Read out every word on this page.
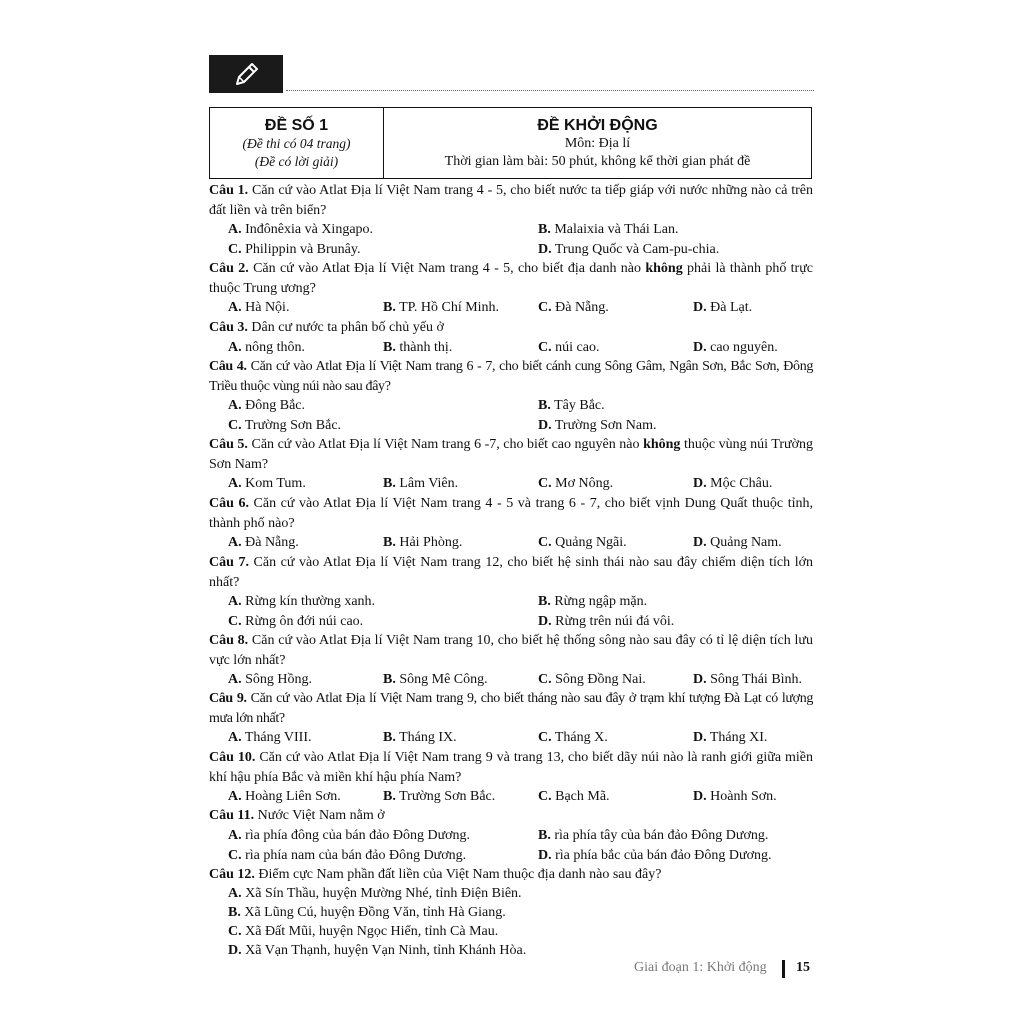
ĐỀ SỐ 1
(Đề thi có 04 trang)
(Đề có lời giải)
ĐỀ KHỞI ĐỘNG
Môn: Địa lí
Thời gian làm bài: 50 phút, không kể thời gian phát đề

Câu 1. Căn cứ vào Atlat Địa lí Việt Nam trang 4 - 5, cho biết nước ta tiếp giáp với nước những nào cả trên đất liền và trên biển?

A. Inđônêxia và Xingapo.	B. Malaixia và Thái Lan.
C. Philippin và Brunây.	D. Trung Quốc và Cam-pu-chia.

Câu 2. Căn cứ vào Atlat Địa lí Việt Nam trang 4 - 5, cho biết địa danh nào không phải là thành phố trực thuộc Trung ương?

A. Hà Nội.	B. TP. Hồ Chí Minh.	C. Đà Nẵng.	D. Đà Lạt.

Câu 3. Dân cư nước ta phân bố chủ yếu ở

A. nông thôn.	B. thành thị.	C. núi cao.	D. cao nguyên.

Câu 4. Căn cứ vào Atlat Địa lí Việt Nam trang 6 - 7, cho biết cánh cung Sông Gâm, Ngân Sơn, Bắc Sơn, Đông Triều thuộc vùng núi nào sau đây?

A. Đông Bắc.	B. Tây Bắc.
C. Trường Sơn Bắc.	D. Trường Sơn Nam.

Câu 5. Căn cứ vào Atlat Địa lí Việt Nam trang 6 -7, cho biết cao nguyên nào không thuộc vùng núi Trường Sơn Nam?

A. Kom Tum.	B. Lâm Viên.	C. Mơ Nông.	D. Mộc Châu.

Câu 6. Căn cứ vào Atlat Địa lí Việt Nam trang 4 - 5 và trang 6 - 7, cho biết vịnh Dung Quất thuộc tỉnh, thành phố nào?

A. Đà Nẵng.	B. Hải Phòng.	C. Quảng Ngãi.	D. Quảng Nam.

Câu 7. Căn cứ vào Atlat Địa lí Việt Nam trang 12, cho biết hệ sinh thái nào sau đây chiếm diện tích lớn nhất?

A. Rừng kín thường xanh.	B. Rừng ngập mặn.
C. Rừng ôn đới núi cao.	D. Rừng trên núi đá vôi.

Câu 8. Căn cứ vào Atlat Địa lí Việt Nam trang 10, cho biết hệ thống sông nào sau đây có tỉ lệ diện tích lưu vực lớn nhất?

A. Sông Hồng.	B. Sông Mê Công.	C. Sông Đồng Nai.	D. Sông Thái Bình.

Câu 9. Căn cứ vào Atlat Địa lí Việt Nam trang 9, cho biết tháng nào sau đây ở trạm khí tượng Đà Lạt có lượng mưa lớn nhất?

A. Tháng VIII.	B. Tháng IX.	C. Tháng X.	D. Tháng XI.

Câu 10. Căn cứ vào Atlat Địa lí Việt Nam trang 9 và trang 13, cho biết dãy núi nào là ranh giới giữa miền khí hậu phía Bắc và miền khí hậu phía Nam?

A. Hoàng Liên Sơn.	B. Trường Sơn Bắc.	C. Bạch Mã.	D. Hoành Sơn.

Câu 11. Nước Việt Nam nằm ở

A. rìa phía đông của bán đảo Đông Dương.	B. rìa phía tây của bán đảo Đông Dương.
C. rìa phía nam của bán đảo Đông Dương.	D. rìa phía bắc của bán đảo Đông Dương.

Câu 12. Điểm cực Nam phần đất liền của Việt Nam thuộc địa danh nào sau đây?

A. Xã Sín Thầu, huyện Mường Nhé, tỉnh Điện Biên.
B. Xã Lũng Cú, huyện Đồng Văn, tỉnh Hà Giang.
C. Xã Đất Mũi, huyện Ngọc Hiển, tỉnh Cà Mau.
D. Xã Vạn Thạnh, huyện Vạn Ninh, tỉnh Khánh Hòa.
Giai đoạn 1: Khởi động 15
